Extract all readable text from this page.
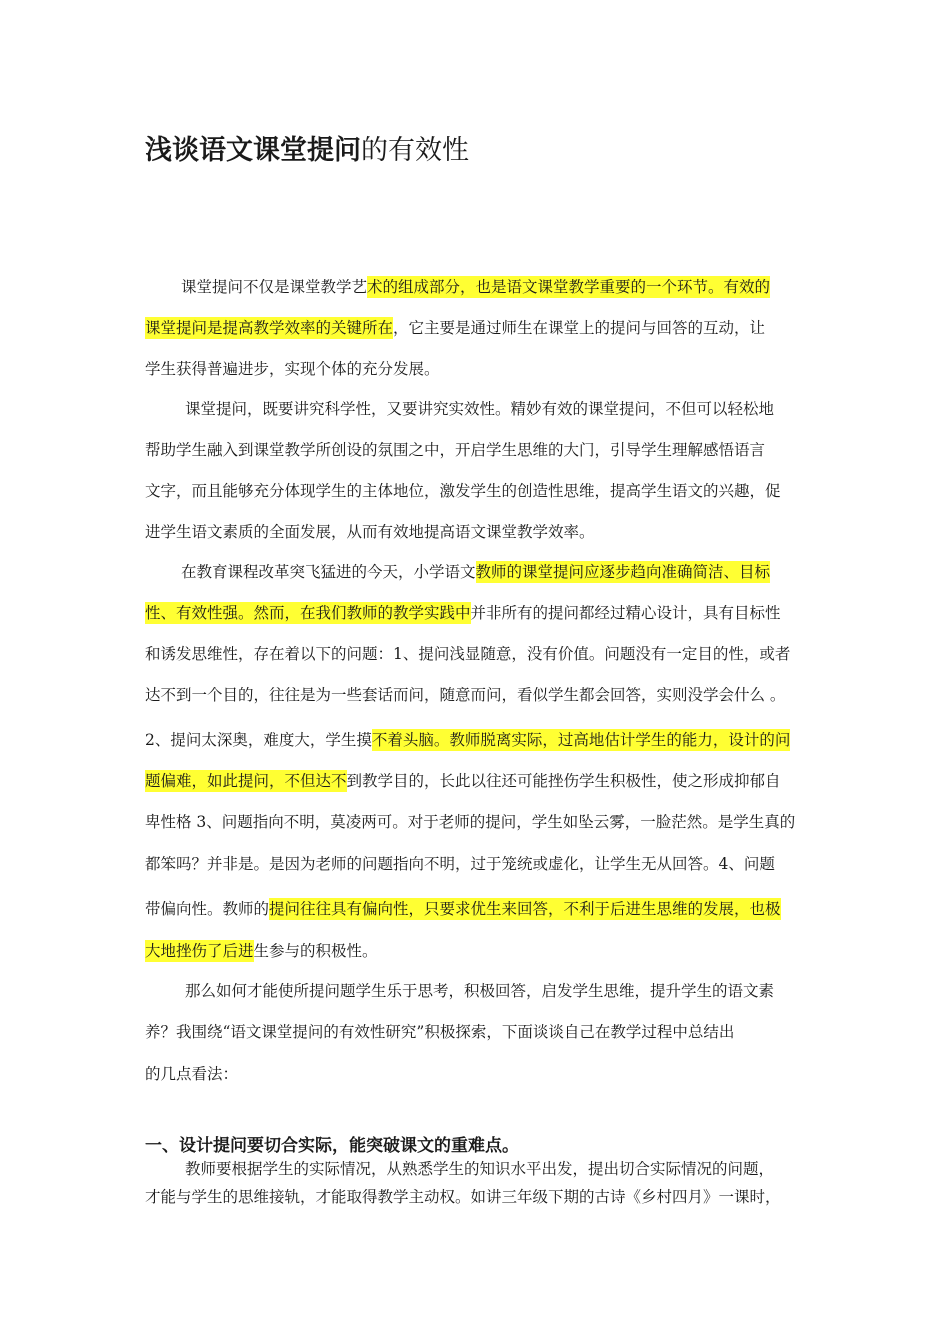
浅谈语文课堂提问的有效性
课堂提问不仅是课堂教学艺术的组成部分，也是语文课堂教学重要的一个环节。有效的
课堂提问是提高教学效率的关键所在，它主要是通过师生在课堂上的提问与回答的互动，让
学生获得普遍进步，实现个体的充分发展。
课堂提问，既要讲究科学性，又要讲究实效性。精妙有效的课堂提问，不但可以轻松地
帮助学生融入到课堂教学所创设的氛围之中，开启学生思维的大门，引导学生理解感悟语言
文字，而且能够充分体现学生的主体地位，激发学生的创造性思维，提高学生语文的兴趣，促
进学生语文素质的全面发展，从而有效地提高语文课堂教学效率。
在教育课程改革突飞猛进的今天，小学语文教师的课堂提问应逐步趋向准确简洁、目标
性、有效性强。然而，在我们教师的教学实践中并非所有的提问都经过精心设计，具有目标性
和诱发思维性，存在着以下的问题：1、提问浅显随意，没有价值。问题没有一定目的性，或者
达不到一个目的，往往是为一些套话而问，随意而问，看似学生都会回答，实则没学会什么 。
2、提问太深奥，难度大，学生摸不着头脑。教师脱离实际，过高地估计学生的能力，设计的问
题偏难，如此提问，不但达不到教学目的，长此以往还可能挫伤学生积极性，使之形成抑郁自
卑性格 3、问题指向不明，莫凌两可。对于老师的提问，学生如坠云雾，一脸茫然。是学生真的
都笨吗？并非是。是因为老师的问题指向不明，过于笼统或虚化，让学生无从回答。4、问题
带偏向性。教师的提问往往具有偏向性，只要求优生来回答，不利于后进生思维的发展，也极
大地挫伤了后进生参与的积极性。
那么如何才能使所提问题学生乐于思考，积极回答，启发学生思维，提升学生的语文素
养？我围绕“语文课堂提问的有效性研究”积极探索，下面谈谈自己在教学过程中总结出
的几点看法：
一、设计提问要切合实际，能突破课文的重难点。
教师要根据学生的实际情况，从熟悉学生的知识水平出发，提出切合实际情况的问题，
才能与学生的思维接轨，才能取得教学主动权。如讲三年级下期的古诗《乡村四月》一课时，
